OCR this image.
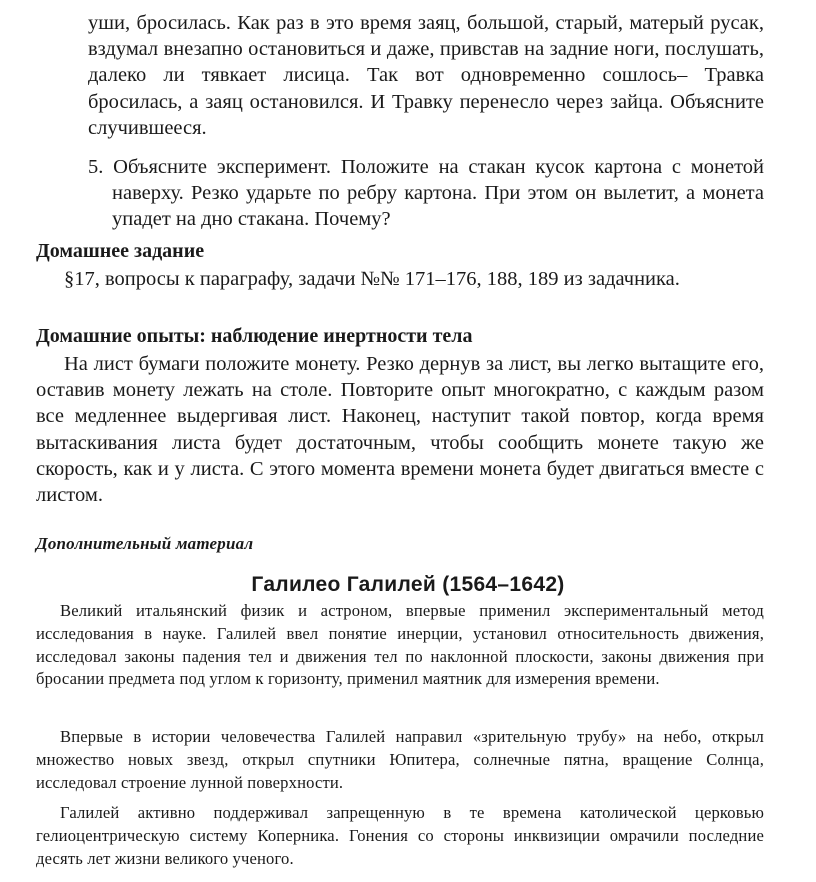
уши, бросилась. Как раз в это время заяц, большой, старый, матерый русак, вздумал внезапно остановиться и даже, привстав на задние ноги, послушать, далеко ли тявкает лисица. Так вот одновременно сошлось– Травка бросилась, а заяц остановился. И Травку перенесло через зайца. Объясните случившееся.

5. Объясните эксперимент. Положите на стакан кусок картона с монетой наверху. Резко ударьте по ребру картона. При этом он вылетит, а монета упадет на дно стакана. Почему?

Домашнее задание

§17, вопросы к параграфу, задачи №№ 171–176, 188, 189 из задачника.

Домашние опыты: наблюдение инертности тела

На лист бумаги положите монету. Резко дернув за лист, вы легко вытащите его, оставив монету лежать на столе. Повторите опыт многократно, с каждым разом все медленнее выдергивая лист. Наконец, наступит такой повтор, когда время вытаскивания листа будет достаточным, чтобы сообщить монете такую же скорость, как и у листа. С этого момента времени монета будет двигаться вместе с листом.

Дополнительный материал

Галилео Галилей (1564–1642)

Великий итальянский физик и астроном, впервые применил экспериментальный метод исследования в науке. Галилей ввел понятие инерции, установил относительность движения, исследовал законы падения тел и движения тел по наклонной плоскости, законы движения при бросании предмета под углом к горизонту, применил маятник для измерения времени.

Впервые в истории человечества Галилей направил «зрительную трубу» на небо, открыл множество новых звезд, открыл спутники Юпитера, солнечные пятна, вращение Солнца, исследовал строение лунной поверхности.

Галилей активно поддерживал запрещенную в те времена католической церковью гелиоцентрическую систему Коперника. Гонения со стороны инквизиции омрачили последние десять лет жизни великого ученого.
